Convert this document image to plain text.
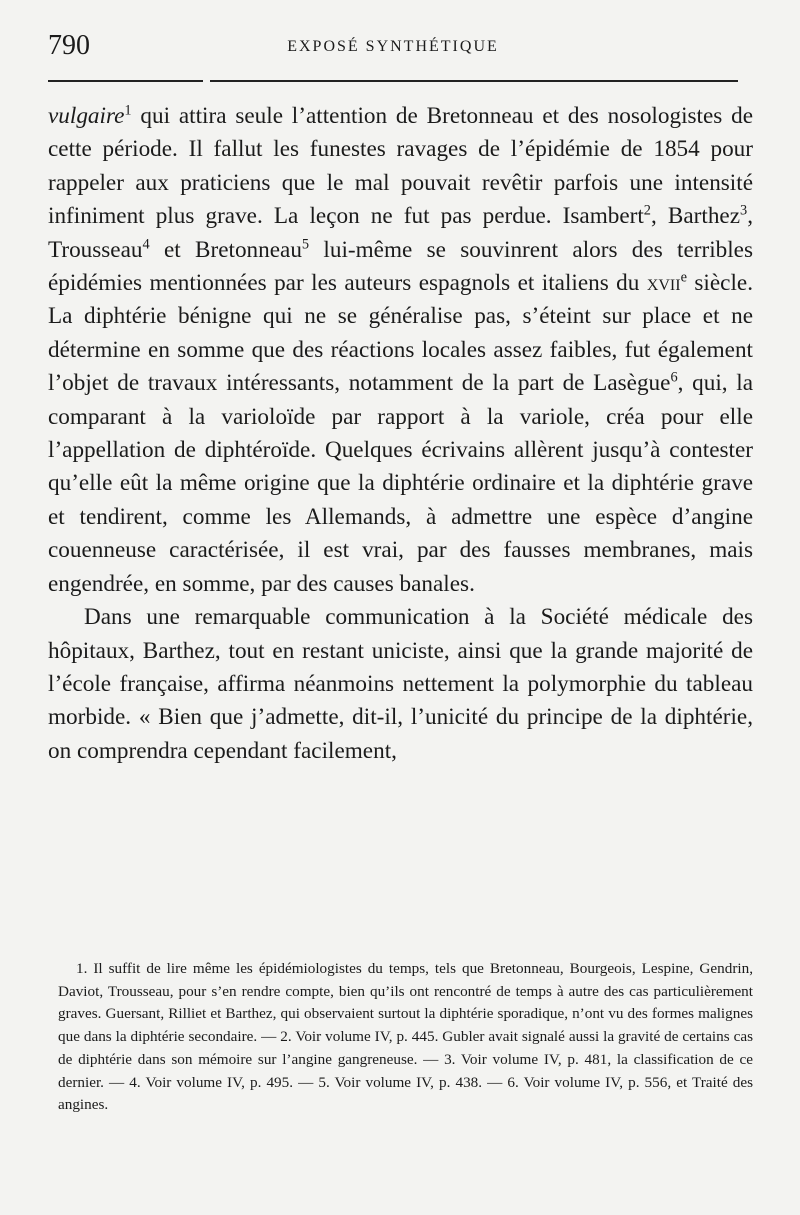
790	EXPOSÉ SYNTHÉTIQUE

vulgaire$^1$ qui attira seule l’attention de Bretonneau et des nosologistes de cette période. Il fallut les funestes ravages de l’épidémie de 1854 pour rappeler aux praticiens que le mal pouvait revêtir parfois une intensité infiniment plus grave. La leçon ne fut pas perdue. Isambert$^2$, Barthez$^3$, Trousseau$^4$ et Bretonneau$^5$ lui-même se souvinrent alors des terribles épidémies mentionnées par les auteurs espagnols et italiens du xvii$^e$ siècle. La diphtérie bénigne qui ne se généralise pas, s’éteint sur place et ne détermine en somme que des réactions locales assez faibles, fut également l’objet de travaux intéressants, notamment de la part de Lasègue$^6$, qui, la comparant à la varioloïde par rapport à la variole, créa pour elle l’appellation de diphtéroïde. Quelques écrivains allèrent jusqu’à contester qu’elle eût la même origine que la diphtérie ordinaire et la diphtérie grave et tendirent, comme les Allemands, à admettre une espèce d’angine couenneuse caractérisée, il est vrai, par des fausses membranes, mais engendrée, en somme, par des causes banales.

Dans une remarquable communication à la Société médicale des hôpitaux, Barthez, tout en restant uniciste, ainsi que la grande majorité de l’école française, affirma néanmoins nettement la polymorphie du tableau morbide. « Bien que j’admette, dit-il, l’unicité du principe de la diphtérie, on comprendra cependant facilement,

1. Il suffit de lire même les épidémiologistes du temps, tels que Bretonneau, Bourgeois, Lespine, Gendrin, Daviot, Trousseau, pour s’en rendre compte, bien qu’ils ont rencontré de temps à autre des cas particulièrement graves. Guersant, Rilliet et Barthez, qui observaient surtout la diphtérie sporadique, n’ont vu des formes malignes que dans la diphtérie secondaire. — 2. Voir volume IV, p. 445. Gubler avait signalé aussi la gravité de certains cas de diphtérie dans son mémoire sur l’angine gangreneuse. — 3. Voir volume IV, p. 481, la classification de ce dernier. — 4. Voir volume IV, p. 495. — 5. Voir volume IV, p. 438. — 6. Voir volume IV, p. 556, et Traité des angines.
